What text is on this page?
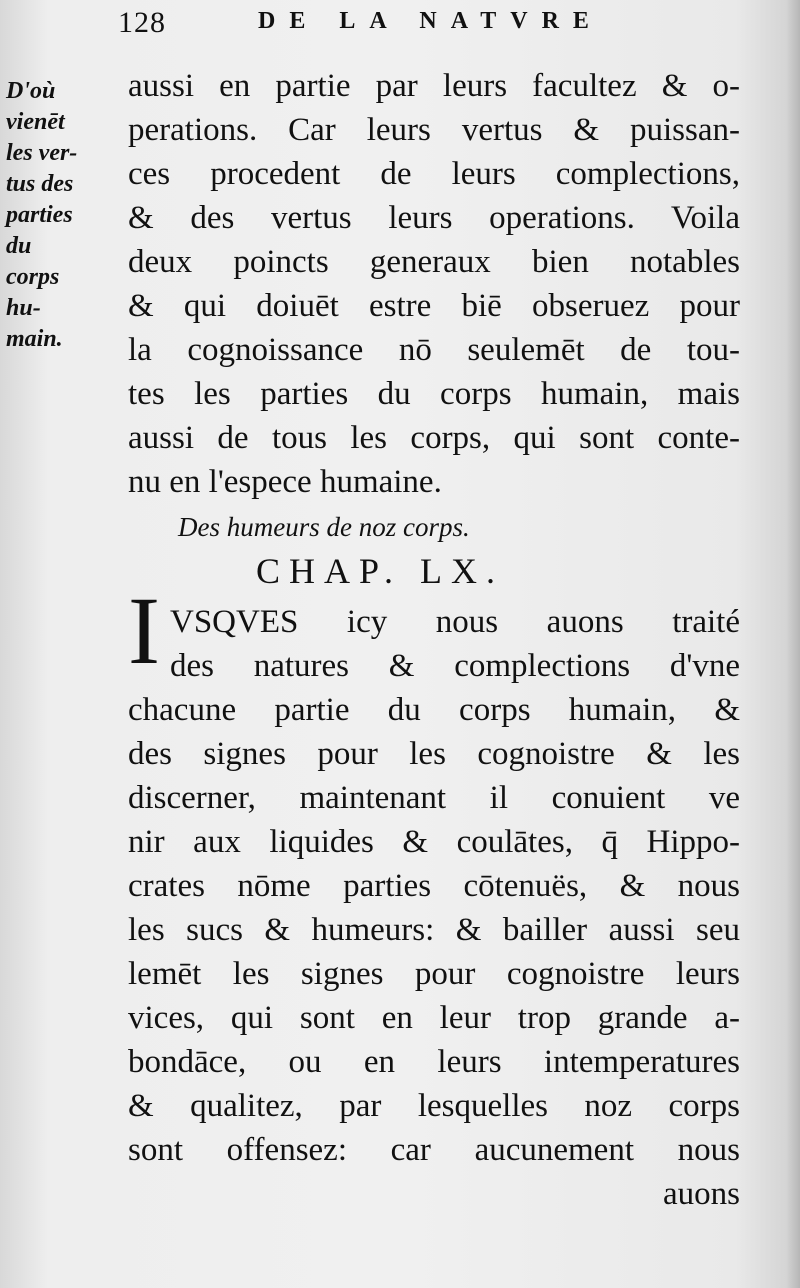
128	DE LA NATVRE
D'où
vienēt
les ver-
tus des
parties
du
corps
hu-
main.
aussi en partie par leurs facultez & o-
perations. Car leurs vertus & puissan-
ces procedent de leurs complections,
& des vertus leurs operations. Voila
deux poincts generaux bien notables
& qui doiuēt estre biē obseruez pour
la cognoissance nō seulemēt de tou-
tes les parties du corps humain, mais
aussi de tous les corps, qui sont conte-
nu en l'espece humaine.
Des humeurs de noz corps.
CHAP. LX.
I VSQVES icy nous auons traité
des natures & complections d'vne
chacune partie du corps humain, &
des signes pour les cognoistre & les
discerner, maintenant il conuient ve
nir aux liquides & coulātes, q̄ Hippo-
crates nōme parties cōtenuës, & nous
les sucs & humeurs: & bailler aussi seu
lemēt les signes pour cognoistre leurs
vices, qui sont en leur trop grande a-
bondāce, ou en leurs intemperatures
& qualitez, par lesquelles noz corps
sont offensez: car aucunement nous
auons
